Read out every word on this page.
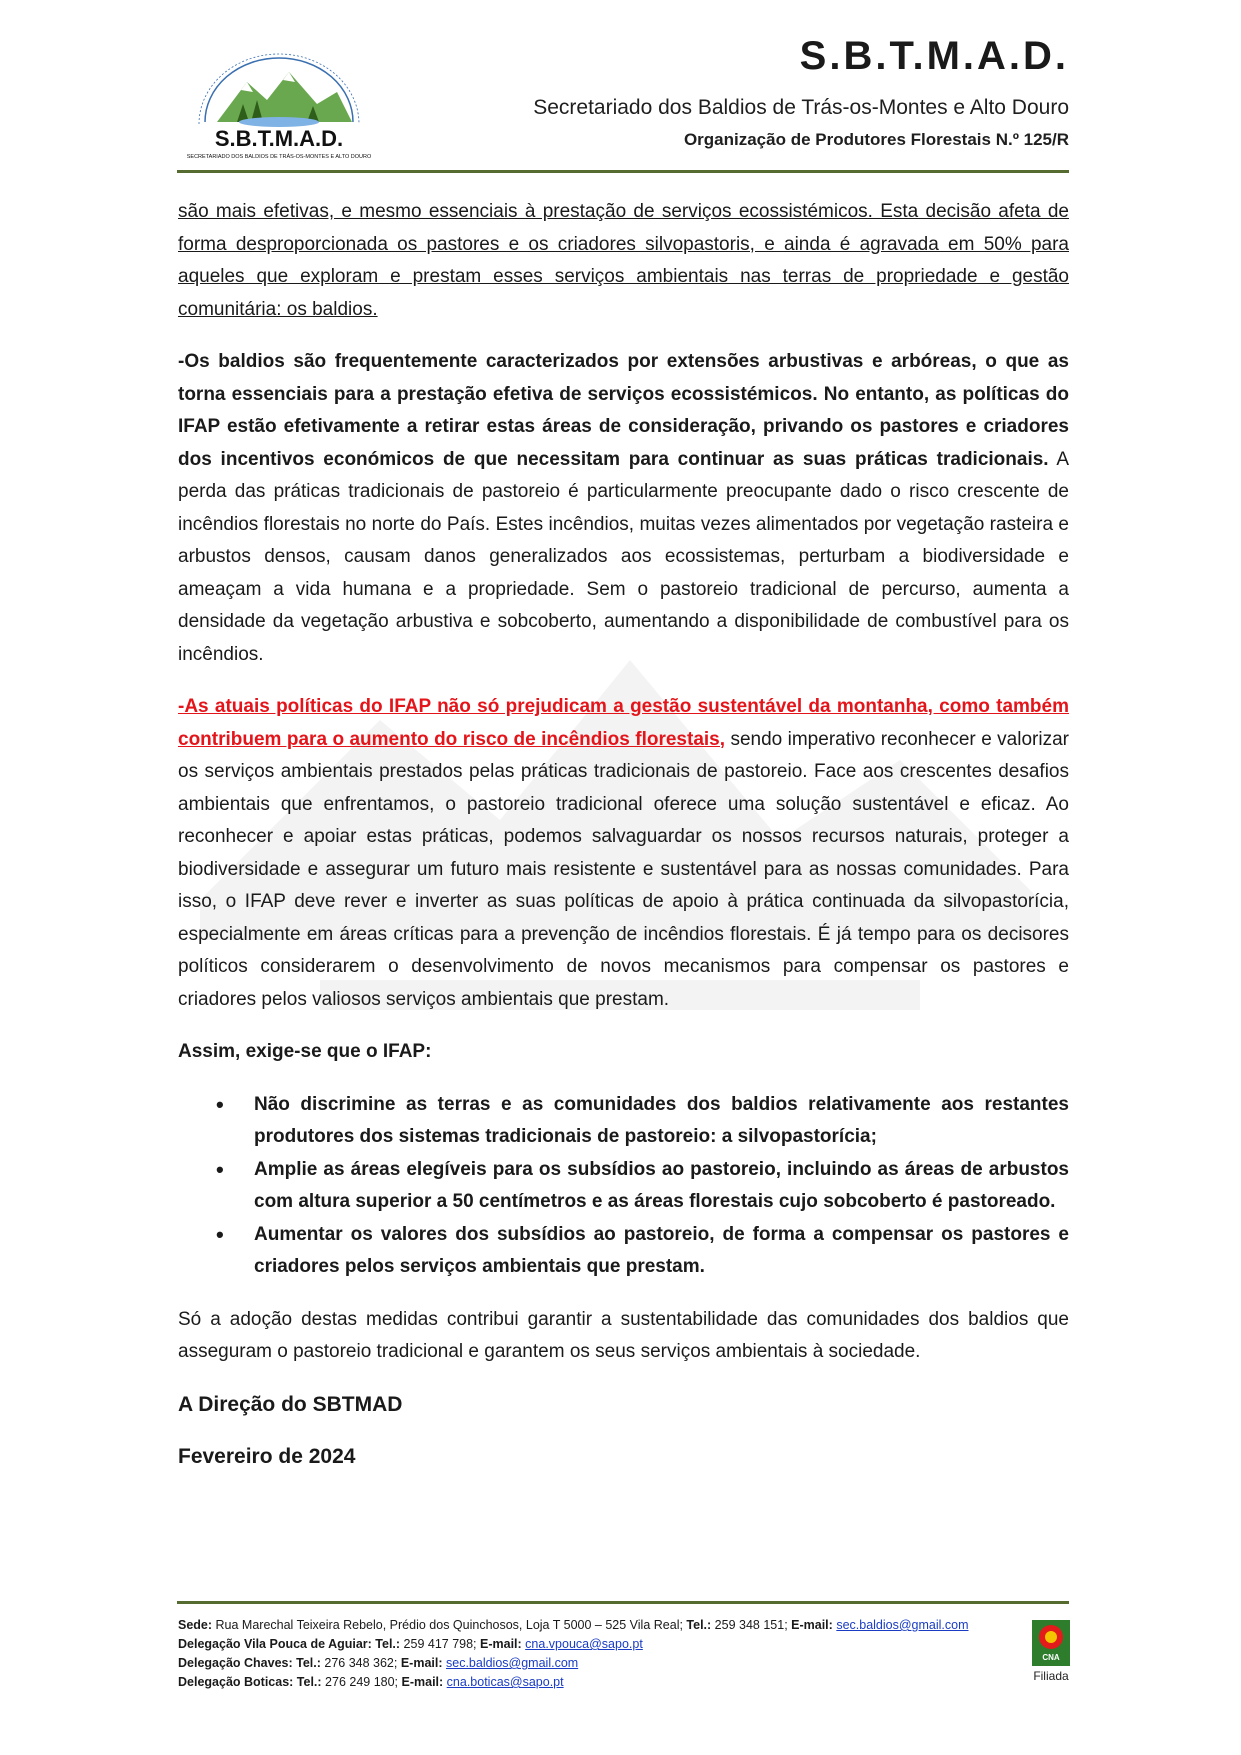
S.B.T.M.A.D.
SECRETARIADO DOS BALDIOS DE TRÁS-OS-MONTES E ALTO DOURO
S.B.T.M.A.D.
Secretariado dos Baldios de Trás-os-Montes e Alto Douro
Organização de Produtores Florestais N.º 125/R

são mais efetivas, e mesmo essenciais à prestação de serviços ecossistémicos. Esta decisão afeta de forma desproporcionada os pastores e os criadores silvopastoris, e ainda é agravada em 50% para aqueles que exploram e prestam esses serviços ambientais nas terras de propriedade e gestão comunitária: os baldios.

-Os baldios são frequentemente caracterizados por extensões arbustivas e arbóreas, o que as torna essenciais para a prestação efetiva de serviços ecossistémicos. No entanto, as políticas do IFAP estão efetivamente a retirar estas áreas de consideração, privando os pastores e criadores dos incentivos económicos de que necessitam para continuar as suas práticas tradicionais. A perda das práticas tradicionais de pastoreio é particularmente preocupante dado o risco crescente de incêndios florestais no norte do País. Estes incêndios, muitas vezes alimentados por vegetação rasteira e arbustos densos, causam danos generalizados aos ecossistemas, perturbam a biodiversidade e ameaçam a vida humana e a propriedade. Sem o pastoreio tradicional de percurso, aumenta a densidade da vegetação arbustiva e sobcoberto, aumentando a disponibilidade de combustível para os incêndios.

-As atuais políticas do IFAP não só prejudicam a gestão sustentável da montanha, como também contribuem para o aumento do risco de incêndios florestais, sendo imperativo reconhecer e valorizar os serviços ambientais prestados pelas práticas tradicionais de pastoreio. Face aos crescentes desafios ambientais que enfrentamos, o pastoreio tradicional oferece uma solução sustentável e eficaz. Ao reconhecer e apoiar estas práticas, podemos salvaguardar os nossos recursos naturais, proteger a biodiversidade e assegurar um futuro mais resistente e sustentável para as nossas comunidades. Para isso, o IFAP deve rever e inverter as suas políticas de apoio à prática continuada da silvopastorícia, especialmente em áreas críticas para a prevenção de incêndios florestais. É já tempo para os decisores políticos considerarem o desenvolvimento de novos mecanismos para compensar os pastores e criadores pelos valiosos serviços ambientais que prestam.

Assim, exige-se que o IFAP:

• Não discrimine as terras e as comunidades dos baldios relativamente aos restantes produtores dos sistemas tradicionais de pastoreio: a silvopastorícia;
• Amplie as áreas elegíveis para os subsídios ao pastoreio, incluindo as áreas de arbustos com altura superior a 50 centímetros e as áreas florestais cujo sobcoberto é pastoreado.
• Aumentar os valores dos subsídios ao pastoreio, de forma a compensar os pastores e criadores pelos serviços ambientais que prestam.

Só a adoção destas medidas contribui garantir a sustentabilidade das comunidades dos baldios que asseguram o pastoreio tradicional e garantem os seus serviços ambientais à sociedade.

A Direção do SBTMAD

Fevereiro de 2024

Sede: Rua Marechal Teixeira Rebelo, Prédio dos Quinchosos, Loja T 5000 – 525 Vila Real; Tel.: 259 348 151; E-mail: sec.baldios@gmail.com
Delegação Vila Pouca de Aguiar: Tel.: 259 417 798; E-mail: cna.vpouca@sapo.pt
Delegação Chaves: Tel.: 276 348 362; E-mail: sec.baldios@gmail.com
Delegação Boticas: Tel.: 276 249 180; E-mail: cna.boticas@sapo.pt
CNA
Filiada
